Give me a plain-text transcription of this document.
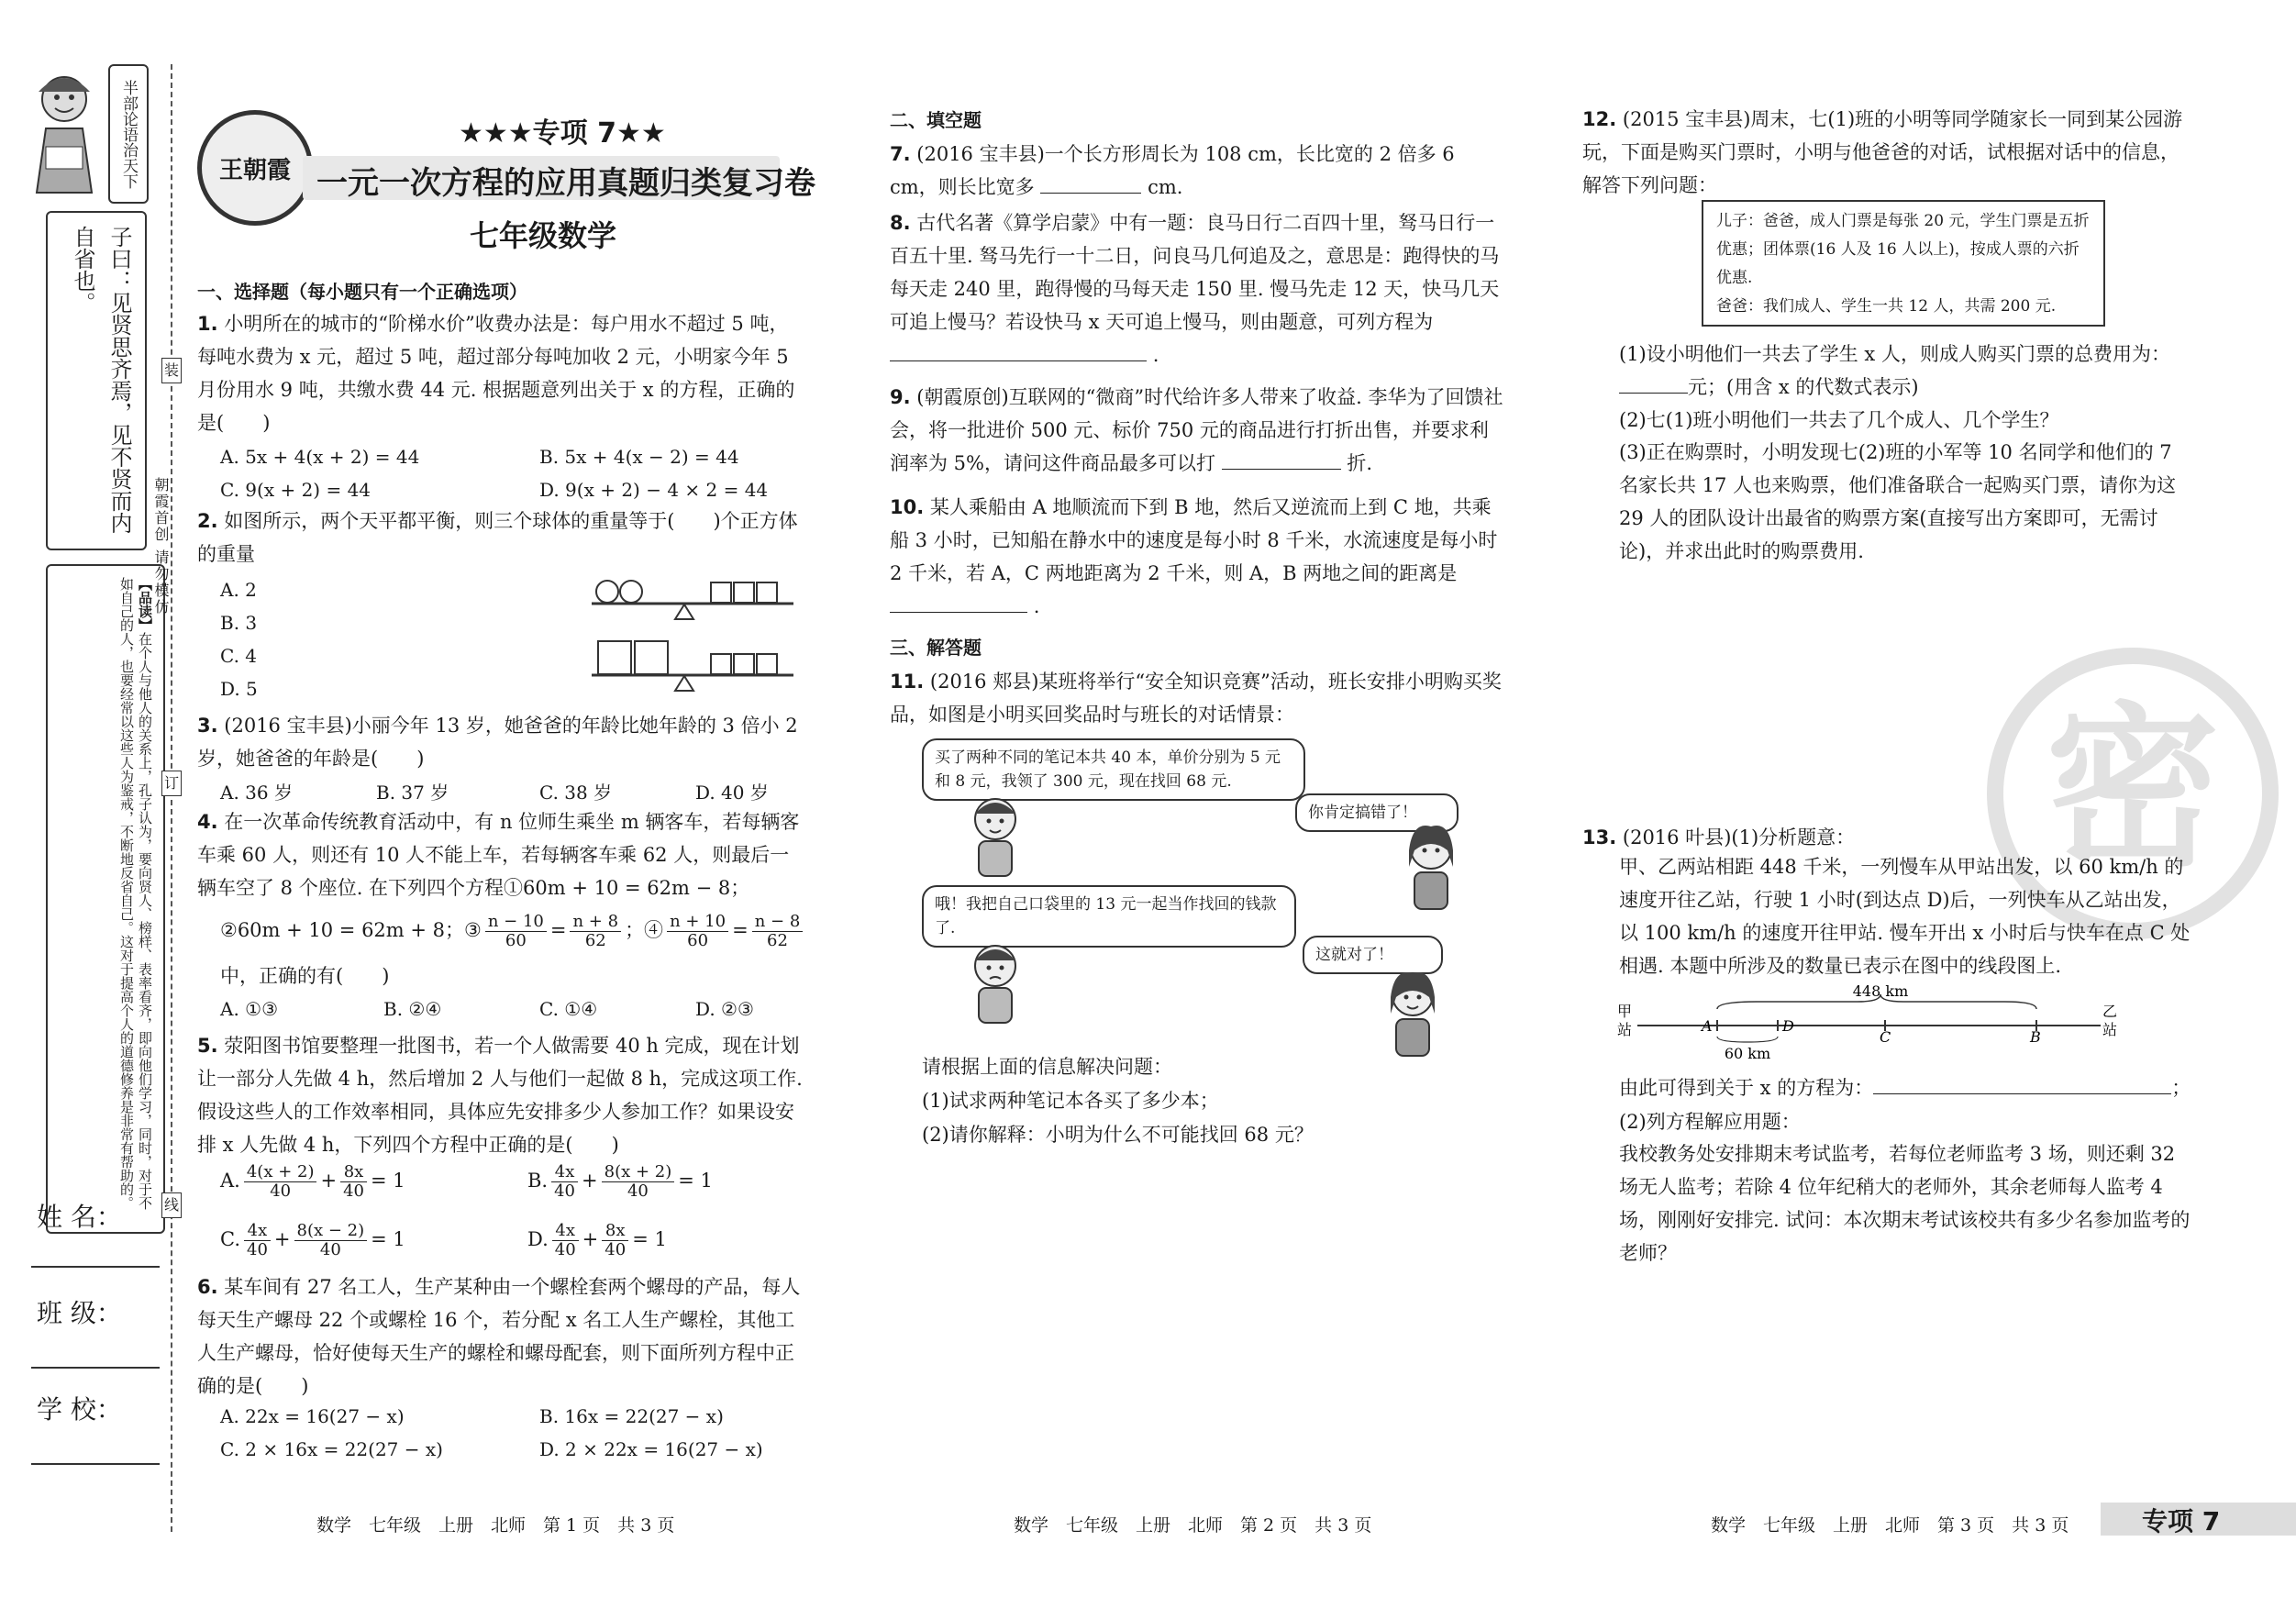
半部论语治天下
子曰：见贤思齐焉，见不贤而内自省也。
【品读】在个人与他人的关系上，孔子认为，要向贤人、榜样、表率看齐，即向他们学习，同时，对于不如自己的人，也要经常以这些人为鉴戒，不断地反省自己。这对于提高个人的道德修养是非常有帮助的。
姓 名：
班 级：
学 校：
装
订
线
朝霞首创 请勿模仿
王朝霞
★★★专项 7★★
一元一次方程的应用真题归类复习卷
七年级数学
一、选择题（每小题只有一个正确选项）
1. 小明所在的城市的“阶梯水价”收费办法是：每户用水不超过 5 吨，每吨水费为 x 元，超过 5 吨，超过部分每吨加收 2 元，小明家今年 5 月份用水 9 吨，共缴水费 44 元. 根据题意列出关于 x 的方程，正确的是(　　)
A. 5x + 4(x + 2) = 44	B. 5x + 4(x − 2) = 44
C. 9(x + 2) = 44	D. 9(x + 2) − 4 × 2 = 44
2. 如图所示，两个天平都平衡，则三个球体的重量等于(　　)个正方体的重量
A. 2
B. 3
C. 4
D. 5
3. (2016 宝丰县)小丽今年 13 岁，她爸爸的年龄比她年龄的 3 倍小 2 岁，她爸爸的年龄是(　　)
A. 36 岁	B. 37 岁	C. 38 岁	D. 40 岁
4. 在一次革命传统教育活动中，有 n 位师生乘坐 m 辆客车，若每辆客车乘 60 人，则还有 10 人不能上车，若每辆客车乘 62 人，则最后一辆车空了 8 个座位. 在下列四个方程①60m + 10 = 62m − 8；
②60m + 10 = 62m + 8；③ $\frac{n - 10}{60} = \frac{n + 8}{62}$ ；④ $\frac{n + 10}{60} = \frac{n - 8}{62}$
中，正确的有(　　)
A. ①③	B. ②④	C. ①④	D. ②③
5. 荥阳图书馆要整理一批图书，若一个人做需要 40 h 完成，现在计划让一部分人先做 4 h，然后增加 2 人与他们一起做 8 h，完成这项工作. 假设这些人的工作效率相同，具体应先安排多少人参加工作？如果设安排 x 人先做 4 h，下列四个方程中正确的是(　　)
A. $\frac{4(x + 2)}{40} + \frac{8x}{40} = 1$	B. $\frac{4x}{40} + \frac{8(x + 2)}{40} = 1$
C. $\frac{4x}{40} + \frac{8(x - 2)}{40} = 1$	D. $\frac{4x}{40} + \frac{8x}{40} = 1$
6. 某车间有 27 名工人，生产某种由一个螺栓套两个螺母的产品，每人每天生产螺母 22 个或螺栓 16 个，若分配 x 名工人生产螺栓，其他工人生产螺母，恰好使每天生产的螺栓和螺母配套，则下面所列方程中正确的是(　　)
A. 22x = 16(27 − x)	B. 16x = 22(27 − x)
C. 2 × 16x = 22(27 − x)	D. 2 × 22x = 16(27 − x)
二、填空题
7. (2016 宝丰县)一个长方形周长为 108 cm，长比宽的 2 倍多 6 cm，则长比宽多	cm.
8. 古代名著《算学启蒙》中有一题：良马日行二百四十里，驽马日行一百五十里. 驽马先行一十二日，问良马几何追及之，意思是：跑得快的马每天走 240 里，跑得慢的马每天走 150 里. 慢马先走 12 天，快马几天可追上慢马？若设快马 x 天可追上慢马，则由题意，可列方程为  .
9. (朝霞原创)互联网的“微商”时代给许多人带来了收益. 李华为了回馈社会，将一批进价 500 元、标价 750 元的商品进行打折出售，并要求利润率为 5%，请问这件商品最多可以打	折.
10. 某人乘船由 A 地顺流而下到 B 地，然后又逆流而上到 C 地，共乘船 3 小时，已知船在静水中的速度是每小时 8 千米，水流速度是每小时 2 千米，若 A，C 两地距离为 2 千米，则 A，B 两地之间的距离是  .
三、解答题
11. (2016 郏县)某班将举行“安全知识竞赛”活动，班长安排小明购买奖品，如图是小明买回奖品时与班长的对话情景：
买了两种不同的笔记本共 40 本，单价分别为 5 元和 8 元，我领了 300 元，现在找回 68 元.
你肯定搞错了！
哦！我把自己口袋里的 13 元一起当作找回的钱款了.
这就对了！
请根据上面的信息解决问题：
(1)试求两种笔记本各买了多少本；
(2)请你解释：小明为什么不可能找回 68 元？
12. (2015 宝丰县)周末，七(1)班的小明等同学随家长一同到某公园游玩，下面是购买门票时，小明与他爸爸的对话，试根据对话中的信息，解答下列问题：
儿子：爸爸，成人门票是每张 20 元，学生门票是五折优惠；团体票(16 人及 16 人以上)，按成人票的六折优惠.
爸爸：我们成人、学生一共 12 人，共需 200 元.
(1)设小明他们一共去了学生 x 人，则成人购买门票的总费用为：
元；(用含 x 的代数式表示)
(2)七(1)班小明他们一共去了几个成人、几个学生？
(3)正在购票时，小明发现七(2)班的小军等 10 名同学和他们的 7 名家长共 17 人也来购票，他们准备联合一起购买门票，请你为这 29 人的团队设计出最省的购票方案(直接写出方案即可，无需讨论)，并求出此时的购票费用.
密
13. (2016 叶县)(1)分析题意：
甲、乙两站相距 448 千米，一列慢车从甲站出发，以 60 km/h 的速度开往乙站，行驶 1 小时(到达点 D)后，一列快车从乙站出发，以 100 km/h 的速度开往甲站. 慢车开出 x 小时后与快车在点 C 处相遇. 本题中所涉及的数量已表示在图中的线段图上.
448 km
甲
站
乙
站
A	D
C	B
60 km
由此可得到关于 x 的方程为：	；
(2)列方程解应用题：
我校教务处安排期末考试监考，若每位老师监考 3 场，则还剩 32 场无人监考；若除 4 位年纪稍大的老师外，其余老师每人监考 4 场，刚刚好安排完. 试问：本次期末考试该校共有多少名参加监考的老师？
数学　七年级　上册　北师　第 1 页　共 3 页	数学　七年级　上册　北师　第 2 页　共 3 页	数学　七年级　上册　北师　第 3 页　共 3 页	专项 7
